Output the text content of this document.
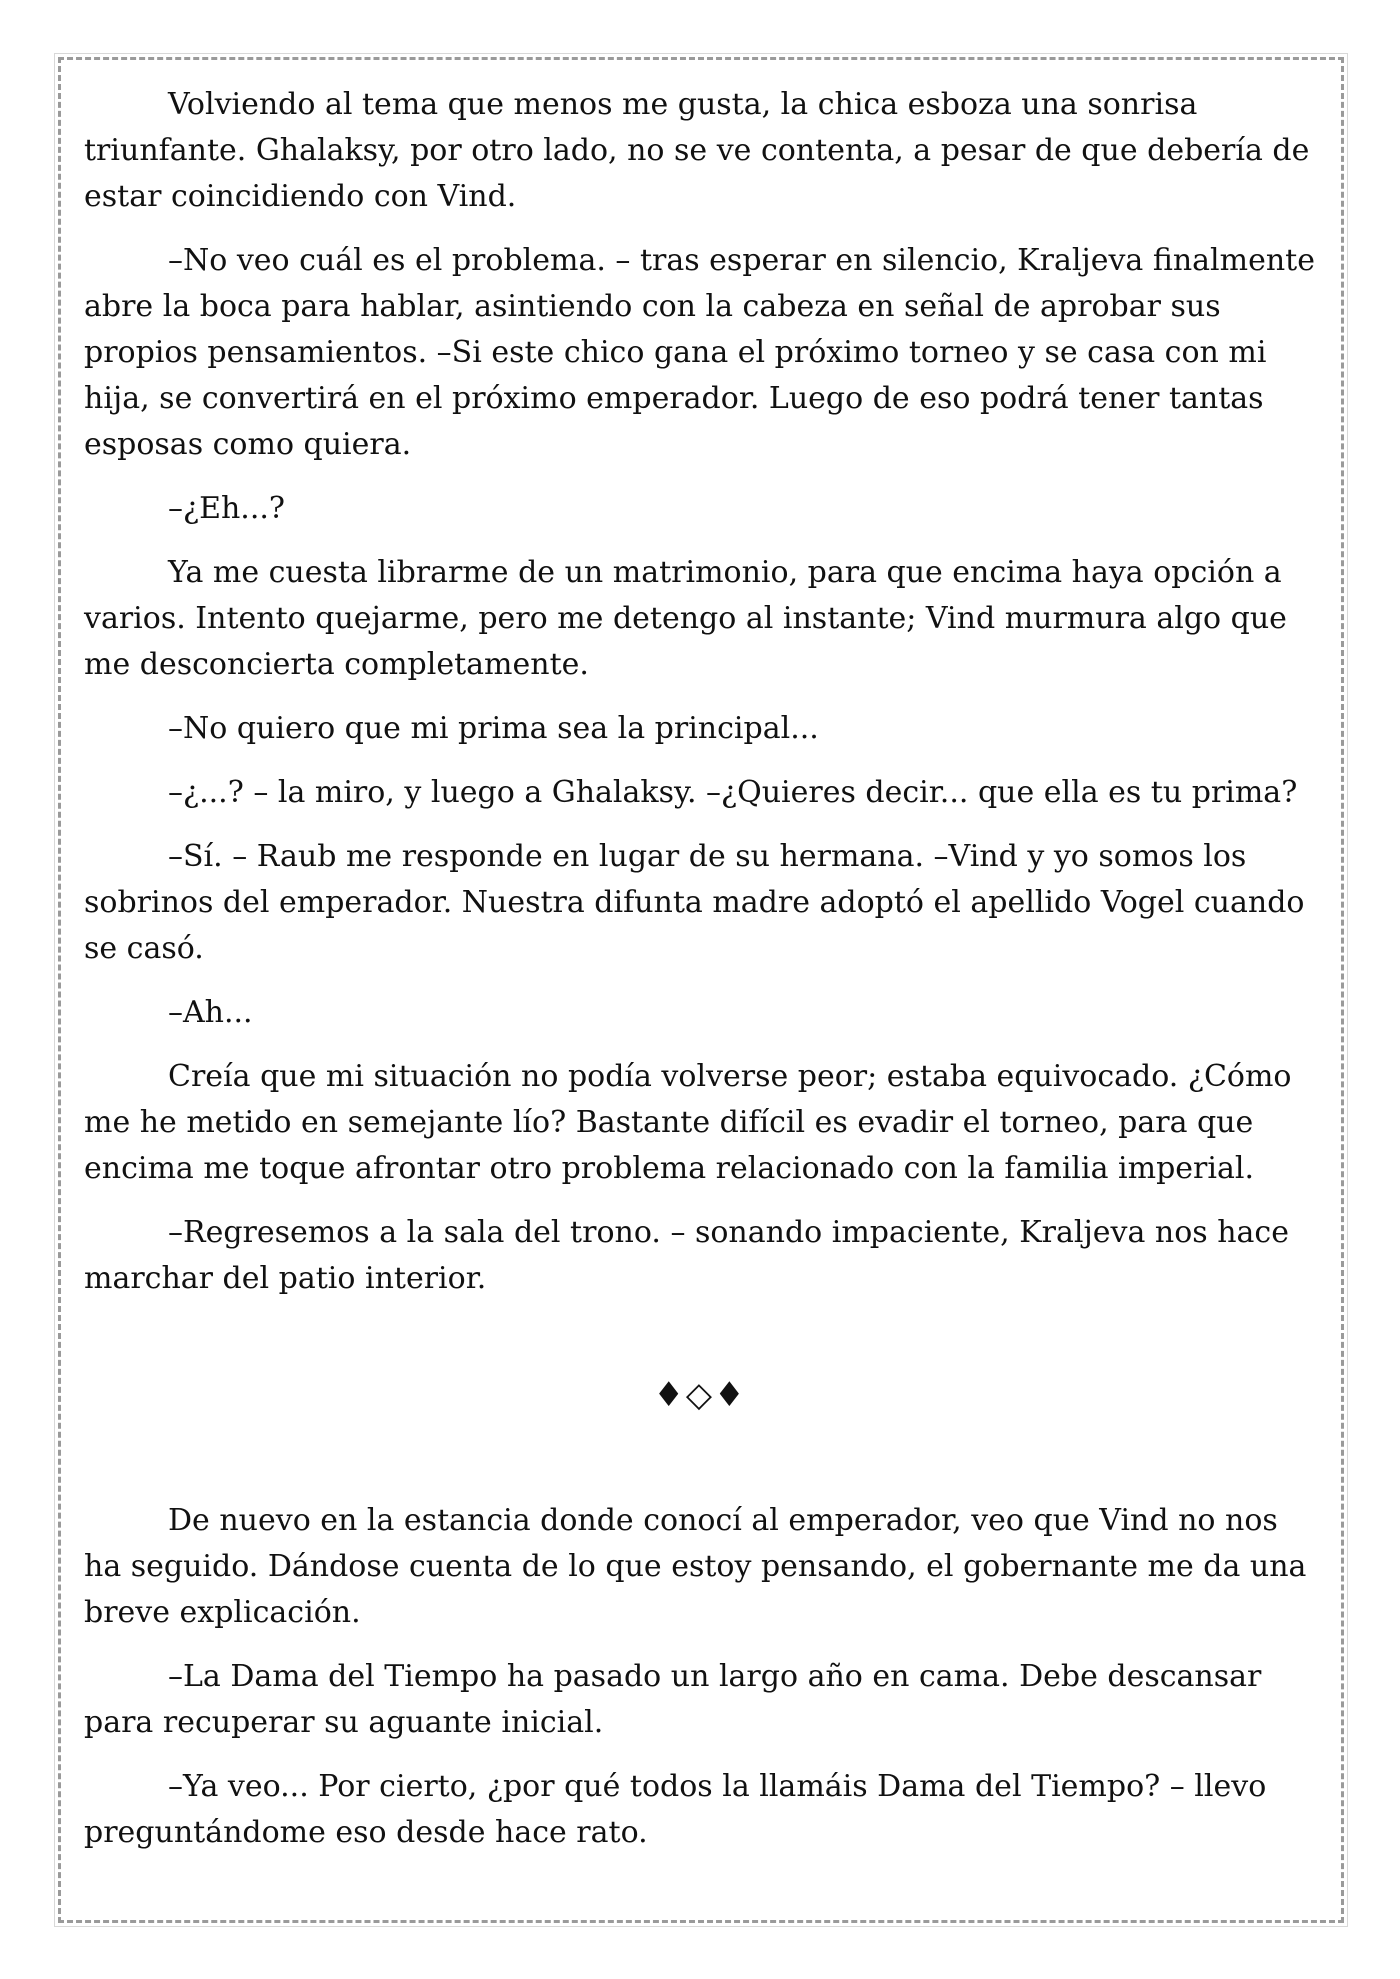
Volviendo al tema que menos me gusta, la chica esboza una sonrisa triunfante. Ghalaksy, por otro lado, no se ve contenta, a pesar de que debería de estar coincidiendo con Vind.

–No veo cuál es el problema. – tras esperar en silencio, Kraljeva finalmente abre la boca para hablar, asintiendo con la cabeza en señal de aprobar sus propios pensamientos. –Si este chico gana el próximo torneo y se casa con mi hija, se convertirá en el próximo emperador. Luego de eso podrá tener tantas esposas como quiera.

–¿Eh...?

Ya me cuesta librarme de un matrimonio, para que encima haya opción a varios. Intento quejarme, pero me detengo al instante; Vind murmura algo que me desconcierta completamente.

–No quiero que mi prima sea la principal...

–¿...? – la miro, y luego a Ghalaksy. –¿Quieres decir... que ella es tu prima?

–Sí. – Raub me responde en lugar de su hermana. –Vind y yo somos los sobrinos del emperador. Nuestra difunta madre adoptó el apellido Vogel cuando se casó.

–Ah...

Creía que mi situación no podía volverse peor; estaba equivocado. ¿Cómo me he metido en semejante lío? Bastante difícil es evadir el torneo, para que encima me toque afrontar otro problema relacionado con la familia imperial.

–Regresemos a la sala del trono. – sonando impaciente, Kraljeva nos hace marchar del patio interior.

♦◇♦

De nuevo en la estancia donde conocí al emperador, veo que Vind no nos ha seguido. Dándose cuenta de lo que estoy pensando, el gobernante me da una breve explicación.

–La Dama del Tiempo ha pasado un largo año en cama. Debe descansar para recuperar su aguante inicial.

–Ya veo... Por cierto, ¿por qué todos la llamáis Dama del Tiempo? – llevo preguntándome eso desde hace rato.
